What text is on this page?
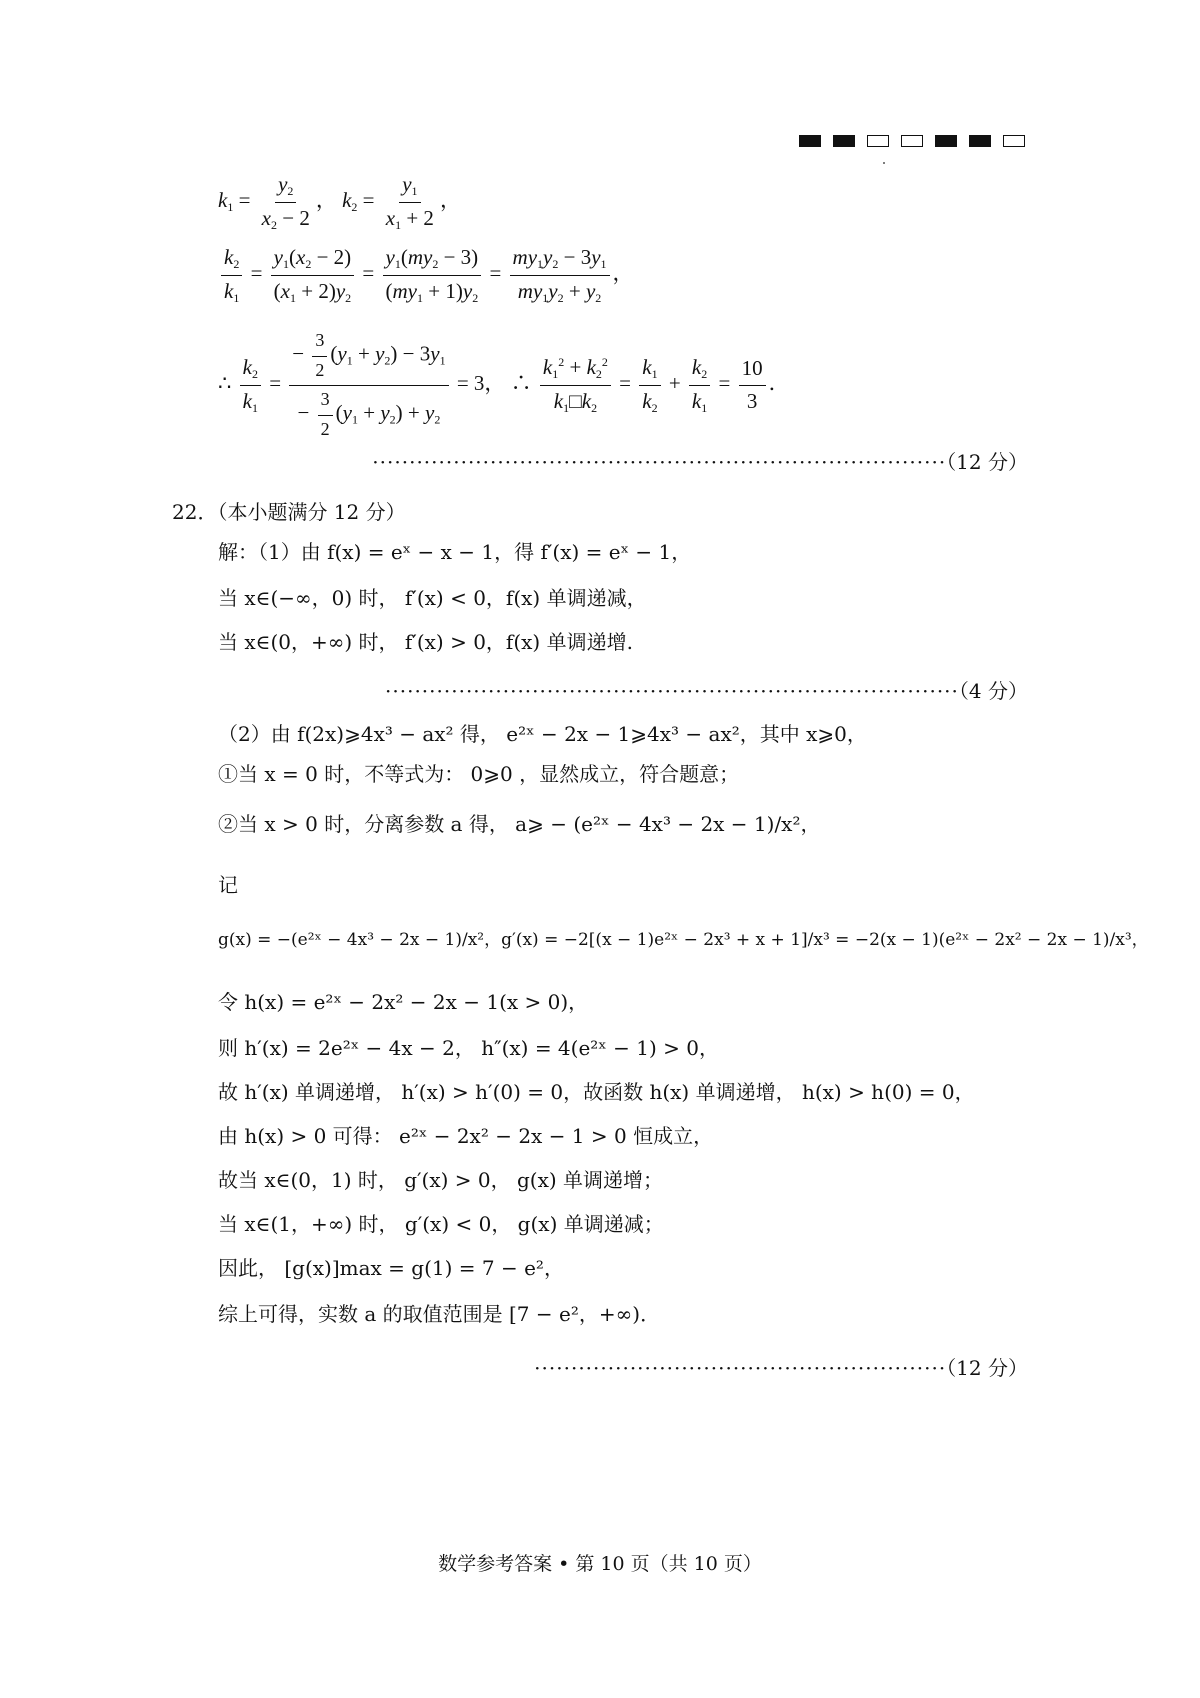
$k_1 = \frac{y_2}{x_2 - 2}$ ， $k_2 = \frac{y_1}{x_1 + 2}$ ，
$\frac{k_2}{k_1} = \frac{y_1(x_2 - 2)}{(x_1 + 2)y_2} = \frac{y_1(my_2 - 3)}{(my_1 + 1)y_2} = \frac{my_1y_2 - 3y_1}{my_1y_2 + y_2}$ ，
∴ $\frac{k_2}{k_1} = \frac{- \frac{3}{2} (y_1 + y_2) - 3y_1}{- \frac{3}{2} (y_1 + y_2) + y_2} = 3$， ∴ $\frac{k_1^2 + k_2^2}{k_1□k_2} = \frac{k_1}{k_2} + \frac{k_2}{k_1} = \frac{10}{3}$ ．
··············································································（12 分）
22．（本小题满分 12 分）
解：（1）由 f(x) = eˣ − x − 1，得 f′(x) = eˣ − 1，
当 x∈(−∞，0) 时， f′(x) < 0，f(x) 单调递减，
当 x∈(0，+∞) 时， f′(x) > 0，f(x) 单调递增.
··············································································（4 分）
（2）由 f(2x)⩾4x³ − ax² 得， e²ˣ − 2x − 1⩾4x³ − ax²，其中 x⩾0，
①当 x = 0 时，不等式为： 0⩾0 ，显然成立，符合题意；
②当 x > 0 时，分离参数 a 得， a⩾ − (e²ˣ − 4x³ − 2x − 1)/x²，
记
g(x) = −(e²ˣ − 4x³ − 2x − 1)/x²，g′(x) = −2[(x − 1)e²ˣ − 2x³ + x + 1]/x³ = −2(x − 1)(e²ˣ − 2x² − 2x − 1)/x³，
令 h(x) = e²ˣ − 2x² − 2x − 1(x > 0)，
则 h′(x) = 2e²ˣ − 4x − 2， h″(x) = 4(e²ˣ − 1) > 0，
故 h′(x) 单调递增， h′(x) > h′(0) = 0，故函数 h(x) 单调递增， h(x) > h(0) = 0，
由 h(x) > 0 可得： e²ˣ − 2x² − 2x − 1 > 0 恒成立，
故当 x∈(0，1) 时， g′(x) > 0， g(x) 单调递增；
当 x∈(1，+∞) 时， g′(x) < 0， g(x) 单调递减；
因此， [g(x)]max = g(1) = 7 − e²，
综上可得，实数 a 的取值范围是 [7 − e²，+∞)．
························································（12 分）
数学参考答案 • 第 10 页（共 10 页）
